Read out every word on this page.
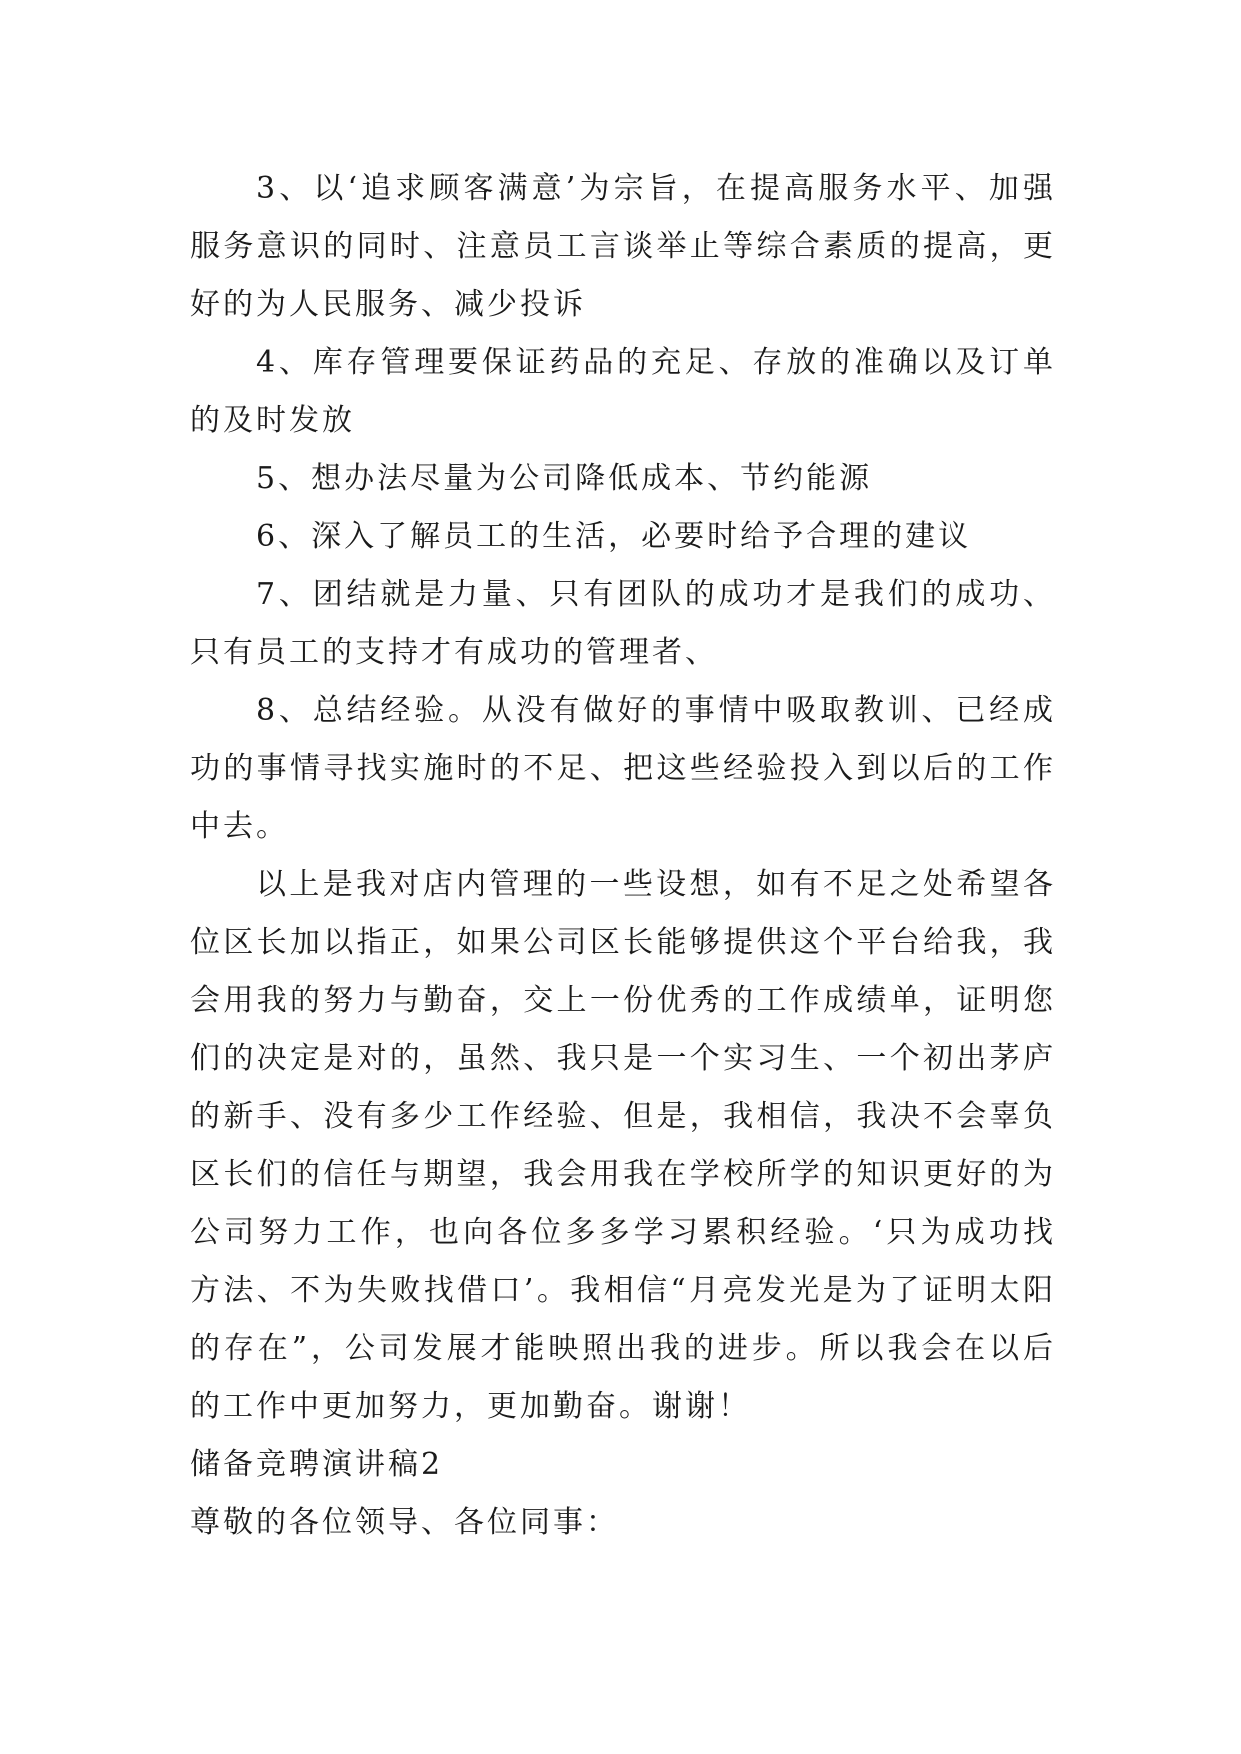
3、以‘追求顾客满意’为宗旨，在提高服务水平、加强服务意识的同时、注意员工言谈举止等综合素质的提高，更好的为人民服务、减少投诉

4、库存管理要保证药品的充足、存放的准确以及订单的及时发放

5、想办法尽量为公司降低成本、节约能源

6、深入了解员工的生活，必要时给予合理的建议

7、团结就是力量、只有团队的成功才是我们的成功、只有员工的支持才有成功的管理者、

8、总结经验。从没有做好的事情中吸取教训、已经成功的事情寻找实施时的不足、把这些经验投入到以后的工作中去。

以上是我对店内管理的一些设想，如有不足之处希望各位区长加以指正，如果公司区长能够提供这个平台给我，我会用我的努力与勤奋，交上一份优秀的工作成绩单，证明您们的决定是对的，虽然、我只是一个实习生、一个初出茅庐的新手、没有多少工作经验、但是，我相信，我决不会辜负区长们的信任与期望，我会用我在学校所学的知识更好的为公司努力工作，也向各位多多学习累积经验。‘只为成功找方法、不为失败找借口’。我相信“月亮发光是为了证明太阳的存在”，公司发展才能映照出我的进步。所以我会在以后的工作中更加努力，更加勤奋。谢谢！

储备竞聘演讲稿2

尊敬的各位领导、各位同事：
